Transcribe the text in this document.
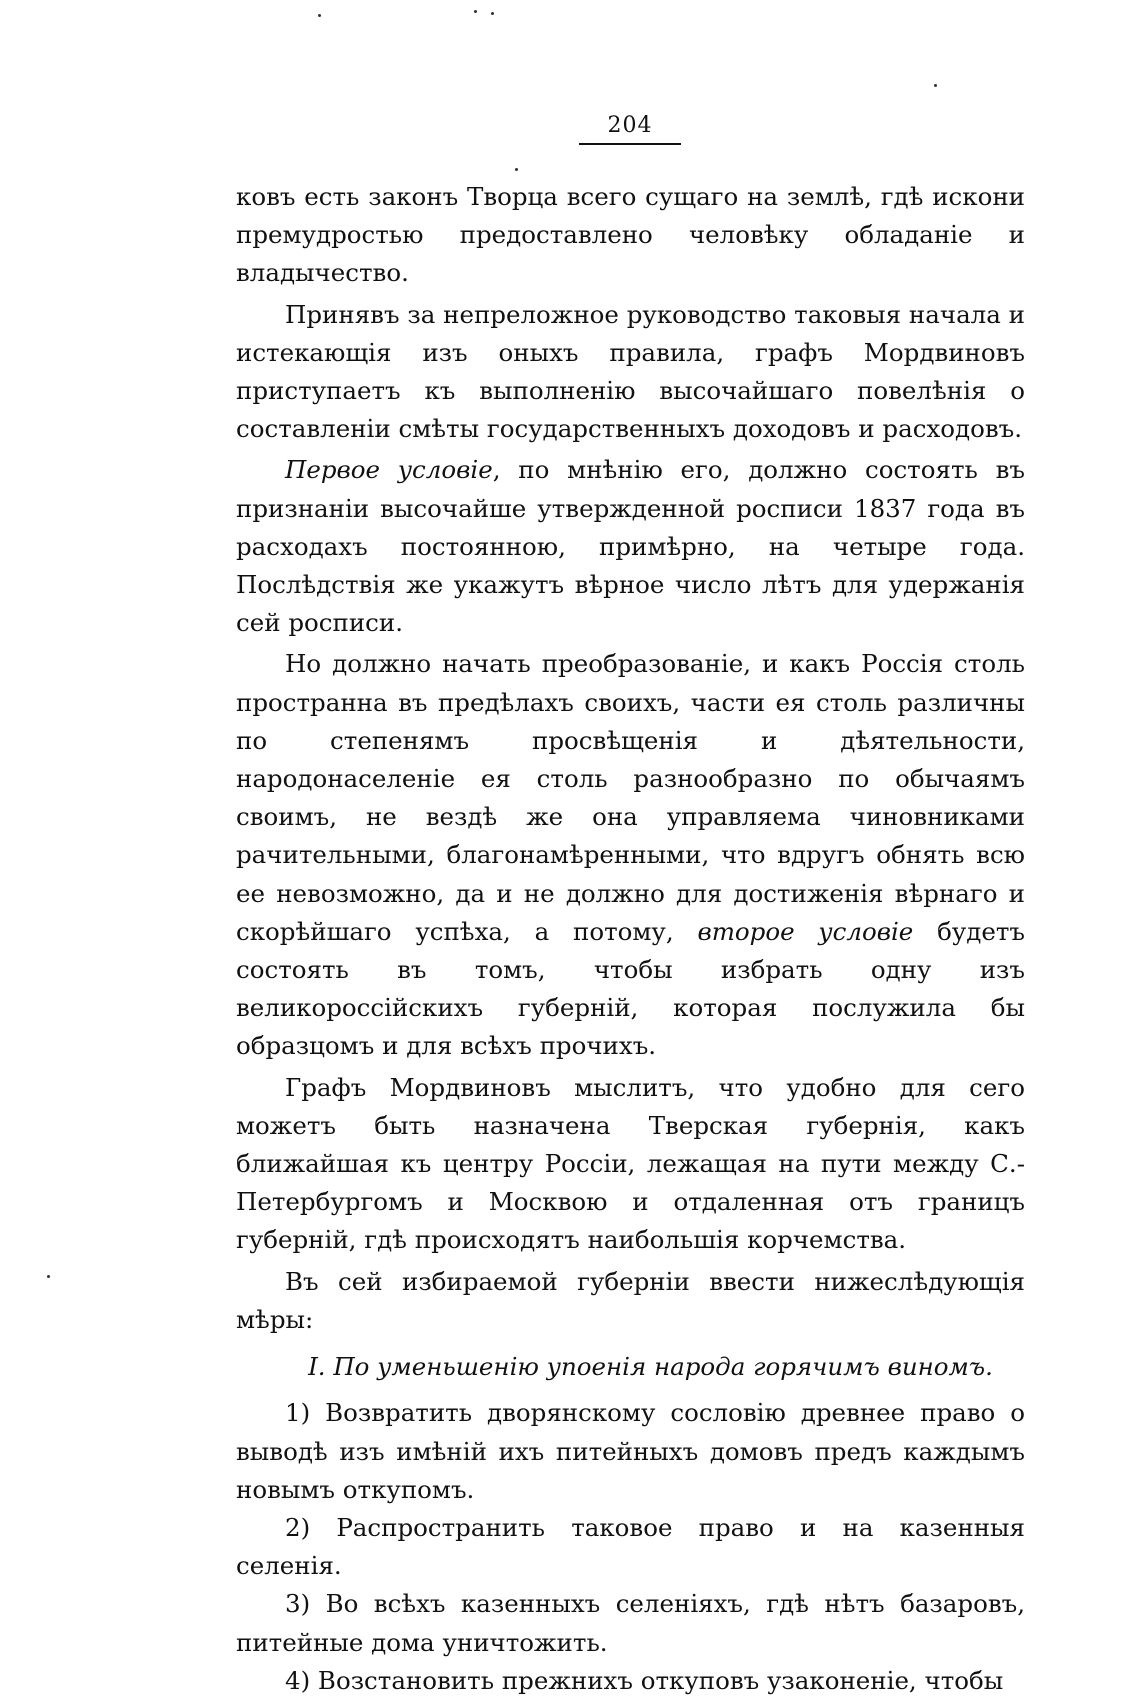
204

ковъ есть законъ Творца всего сущаго на землѣ, гдѣ искони премудростью предоставлено человѣку обладаніе и владычество.

Принявъ за непреложное руководство таковыя начала и истекающія изъ оныхъ правила, графъ Мордвиновъ приступаетъ къ выполненію высочайшаго повелѣнія о составленіи смѣты государственныхъ доходовъ и расходовъ.

Первое условіе, по мнѣнію его, должно состоять въ признаніи высочайше утвержденной росписи 1837 года въ расходахъ постоянною, примѣрно, на четыре года. Послѣдствія же укажутъ вѣрное число лѣтъ для удержанія сей росписи.

Но должно начать преобразованіе, и какъ Россія столь пространна въ предѣлахъ своихъ, части ея столь различны по степенямъ просвѣщенія и дѣятельности, народонаселеніе ея столь разнообразно по обычаямъ своимъ, не вездѣ же она управляема чиновниками рачительными, благонамѣренными, что вдругъ обнять всю ее невозможно, да и не должно для достиженія вѣрнаго и скорѣйшаго успѣха, а потому, второе условіе будетъ состоять въ томъ, чтобы избрать одну изъ великороссійскихъ губерній, которая послужила бы образцомъ и для всѣхъ прочихъ.

Графъ Мордвиновъ мыслитъ, что удобно для сего можетъ быть назначена Тверская губернія, какъ ближайшая къ центру Россіи, лежащая на пути между С.-Петербургомъ и Москвою и отдаленная отъ границъ губерній, гдѣ происходятъ наибольшія корчемства.

Въ сей избираемой губерніи ввести нижеслѣдующія мѣры:

I. По уменьшенію упоенія народа горячимъ виномъ.

1) Возвратить дворянскому сословію древнее право о выводѣ изъ имѣній ихъ питейныхъ домовъ предъ каждымъ новымъ откупомъ.

2) Распространить таковое право и на казенныя селенія.

3) Во всѣхъ казенныхъ селеніяхъ, гдѣ нѣтъ базаровъ, питейные дома уничтожить.

4) Возстановить прежнихъ откуповъ узаконеніе, чтобы
